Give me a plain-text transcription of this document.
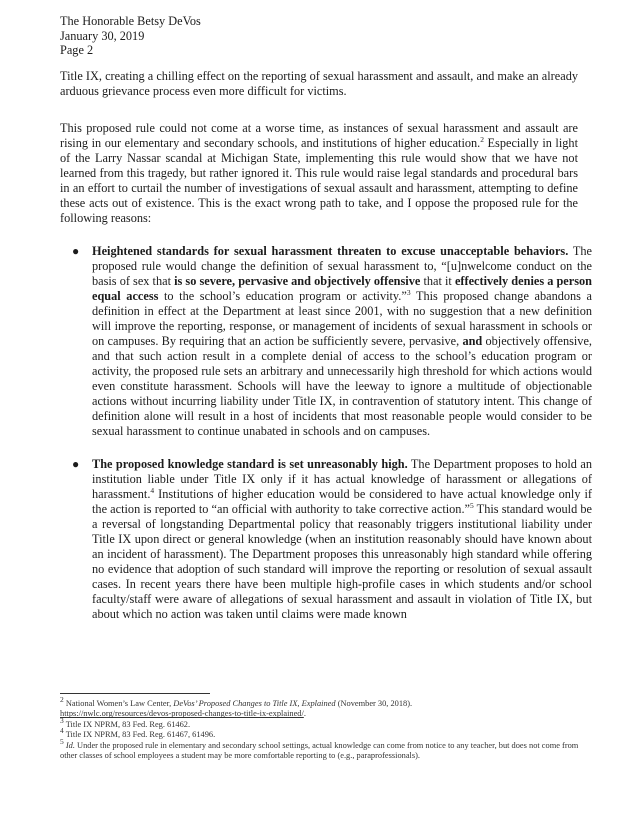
The Honorable Betsy DeVos
January 30, 2019
Page 2

Title IX, creating a chilling effect on the reporting of sexual harassment and assault, and make an already arduous grievance process even more difficult for victims.

This proposed rule could not come at a worse time, as instances of sexual harassment and assault are rising in our elementary and secondary schools, and institutions of higher education.$^2$ Especially in light of the Larry Nassar scandal at Michigan State, implementing this rule would show that we have not learned from this tragedy, but rather ignored it. This rule would raise legal standards and procedural bars in an effort to curtail the number of investigations of sexual assault and harassment, attempting to define these acts out of existence. This is the exact wrong path to take, and I oppose the proposed rule for the following reasons:

● Heightened standards for sexual harassment threaten to excuse unacceptable behaviors. The proposed rule would change the definition of sexual harassment to, “[u]nwelcome conduct on the basis of sex that is so severe, pervasive and objectively offensive that it effectively denies a person equal access to the school’s education program or activity.”$^3$ This proposed change abandons a definition in effect at the Department at least since 2001, with no suggestion that a new definition will improve the reporting, response, or management of incidents of sexual harassment in schools or on campuses. By requiring that an action be sufficiently severe, pervasive, and objectively offensive, and that such action result in a complete denial of access to the school’s education program or activity, the proposed rule sets an arbitrary and unnecessarily high threshold for which actions would even constitute harassment. Schools will have the leeway to ignore a multitude of objectionable actions without incurring liability under Title IX, in contravention of statutory intent. This change of definition alone will result in a host of incidents that most reasonable people would consider to be sexual harassment to continue unabated in schools and on campuses.
● The proposed knowledge standard is set unreasonably high. The Department proposes to hold an institution liable under Title IX only if it has actual knowledge of harassment or allegations of harassment.$^4$ Institutions of higher education would be considered to have actual knowledge only if the action is reported to “an official with authority to take corrective action.”$^5$ This standard would be a reversal of longstanding Departmental policy that reasonably triggers institutional liability under Title IX upon direct or general knowledge (when an institution reasonably should have known about an incident of harassment). The Department proposes this unreasonably high standard while offering no evidence that adoption of such standard will improve the reporting or resolution of sexual assault cases. In recent years there have been multiple high-profile cases in which students and/or school faculty/staff were aware of allegations of sexual harassment and assault in violation of Title IX, but about which no action was taken until claims were made known
$^2$ National Women’s Law Center, DeVos’ Proposed Changes to Title IX, Explained (November 30, 2018).
https://nwlc.org/resources/devos-proposed-changes-to-title-ix-explained/.
$^3$ Title IX NPRM, 83 Fed. Reg. 61462.
$^4$ Title IX NPRM, 83 Fed. Reg. 61467, 61496.
$^5$ Id. Under the proposed rule in elementary and secondary school settings, actual knowledge can come from notice to any teacher, but does not come from other classes of school employees a student may be more comfortable reporting to (e.g., paraprofessionals).
